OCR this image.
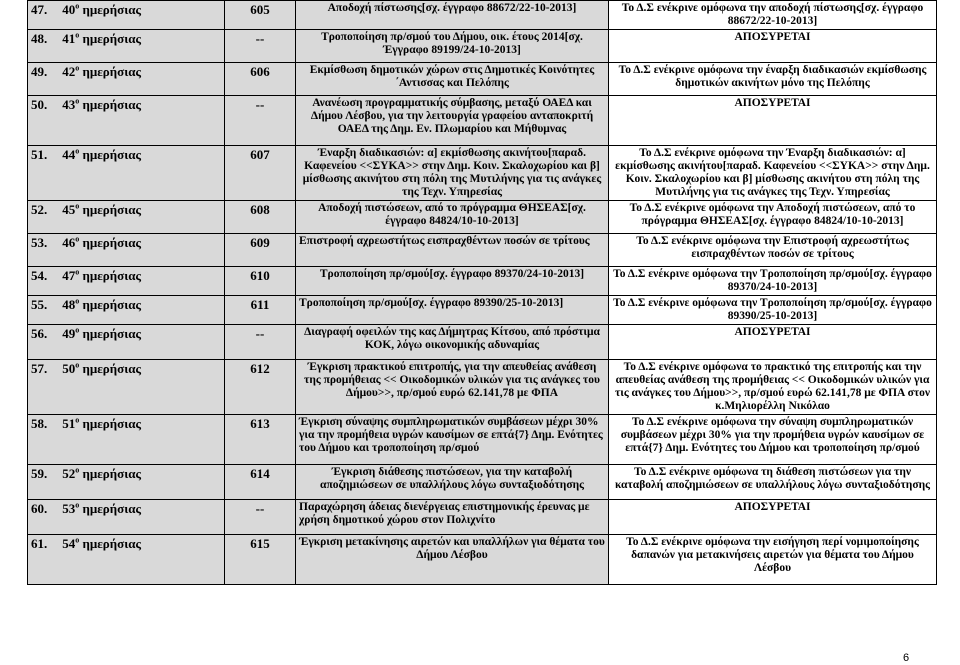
47. $40^o$ ημερήσιας	605	Αποδοχή πίστωσης[σχ. έγγραφο 88672/22-10-2013]	Το Δ.Σ ενέκρινε ομόφωνα την αποδοχή πίστωσης[σχ. έγγραφο 88672/22-10-2013]
48. $41^o$ ημερήσιας	--	Τροποποίηση πρ/σμού του Δήμου, οικ. έτους 2014[σχ. Έγγραφο 89199/24-10-2013]	ΑΠΟΣΥΡΕΤΑΙ
49. $42^o$ ημερήσιας	606	Εκμίσθωση δημοτικών χώρων στις Δημοτικές Κοινότητες ΄Αντισσας και Πελόπης	Το Δ.Σ ενέκρινε ομόφωνα την έναρξη διαδικασιών εκμίσθωσης δημοτικών ακινήτων μόνο της Πελόπης
50. $43^o$ ημερήσιας	--	Ανανέωση προγραμματικής σύμβασης, μεταξύ ΟΑΕΔ και Δήμου Λέσβου, για την λειτουργία γραφείου ανταποκριτή ΟΑΕΔ της Δημ. Εν. Πλωμαρίου και Μήθυμνας	ΑΠΟΣΥΡΕΤΑΙ
51. $44^o$ ημερήσιας	607	Έναρξη διαδικασιών: α] εκμίσθωσης ακινήτου[παραδ. Καφενείου <<ΣΥΚΑ>> στην Δημ. Κοιν. Σκαλοχωρίου και β] μίσθωσης ακινήτου στη πόλη της Μυτιλήνης για τις ανάγκες της Τεχν. Υπηρεσίας	Το Δ.Σ ενέκρινε ομόφωνα την Έναρξη διαδικασιών: α] εκμίσθωσης ακινήτου[παραδ. Καφενείου <<ΣΥΚΑ>> στην Δημ. Κοιν. Σκαλοχωρίου και β] μίσθωσης ακινήτου στη πόλη της Μυτιλήνης για τις ανάγκες της Τεχν. Υπηρεσίας
52. $45^o$ ημερήσιας	608	Αποδοχή πιστώσεων, από το πρόγραμμα ΘΗΣΕΑΣ[σχ. έγγραφο 84824/10-10-2013]	Το Δ.Σ ενέκρινε ομόφωνα την Αποδοχή πιστώσεων, από το πρόγραμμα ΘΗΣΕΑΣ[σχ. έγγραφο 84824/10-10-2013]
53. $46^o$ ημερήσιας	609	Επιστροφή αχρεωστήτως εισπραχθέντων ποσών σε τρίτους	Το Δ.Σ ενέκρινε ομόφωνα την Επιστροφή αχρεωστήτως εισπραχθέντων ποσών σε τρίτους
54. $47^o$ ημερήσιας	610	Τροποποίηση πρ/σμού[σχ. έγγραφο 89370/24-10-2013]	Το Δ.Σ ενέκρινε ομόφωνα την Τροποποίηση πρ/σμού[σχ. έγγραφο 89370/24-10-2013]
55. $48^o$ ημερήσιας	611	Τροποποίηση πρ/σμού[σχ. έγγραφο 89390/25-10-2013]	Το Δ.Σ ενέκρινε ομόφωνα την Τροποποίηση πρ/σμού[σχ. έγγραφο 89390/25-10-2013]
56. $49^o$ ημερήσιας	--	Διαγραφή οφειλών της κας Δήμητρας Κίτσου, από πρόστιμα ΚΟΚ, λόγω οικονομικής αδυναμίας	ΑΠΟΣΥΡΕΤΑΙ
57. $50^o$ ημερήσιας	612	Έγκριση πρακτικού επιτροπής, για την απευθείας ανάθεση της προμήθειας << Οικοδομικών υλικών για τις ανάγκες του Δήμου>>, πρ/σμού ευρώ 62.141,78 με ΦΠΑ	Το Δ.Σ ενέκρινε ομόφωνα το πρακτικό της επιτροπής και την απευθείας ανάθεση της προμήθειας << Οικοδομικών υλικών για τις ανάγκες του Δήμου>>, πρ/σμού ευρώ 62.141,78 με ΦΠΑ στον κ.Μηλιορέλλη Νικόλαο
58. $51^o$ ημερήσιας	613	Έγκριση σύναψης συμπληρωματικών συμβάσεων μέχρι 30% για την προμήθεια υγρών καυσίμων σε επτά{7} Δημ. Ενότητες του Δήμου και τροποποίηση πρ/σμού	Το Δ.Σ ενέκρινε ομόφωνα την σύναψη συμπληρωματικών συμβάσεων μέχρι 30% για την προμήθεια υγρών καυσίμων σε επτά{7} Δημ. Ενότητες του Δήμου και τροποποίηση πρ/σμού
59. $52^o$ ημερήσιας	614	Έγκριση διάθεσης πιστώσεων, για την καταβολή αποζημιώσεων σε υπαλλήλους λόγω συνταξιοδότησης	Το Δ.Σ ενέκρινε ομόφωνα τη διάθεση πιστώσεων για την καταβολή αποζημιώσεων σε υπαλλήλους λόγω συνταξιοδότησης
60. $53^o$ ημερήσιας	--	Παραχώρηση άδειας διενέργειας επιστημονικής έρευνας με χρήση δημοτικού χώρου στον Πολιχνίτο	ΑΠΟΣΥΡΕΤΑΙ
61. $54^o$ ημερήσιας	615	Έγκριση μετακίνησης αιρετών και υπαλλήλων για θέματα του Δήμου Λέσβου	Το Δ.Σ ενέκρινε ομόφωνα την εισήγηση περί νομιμοποίησης δαπανών για μετακινήσεις αιρετών για θέματα του Δήμου Λέσβου
6
